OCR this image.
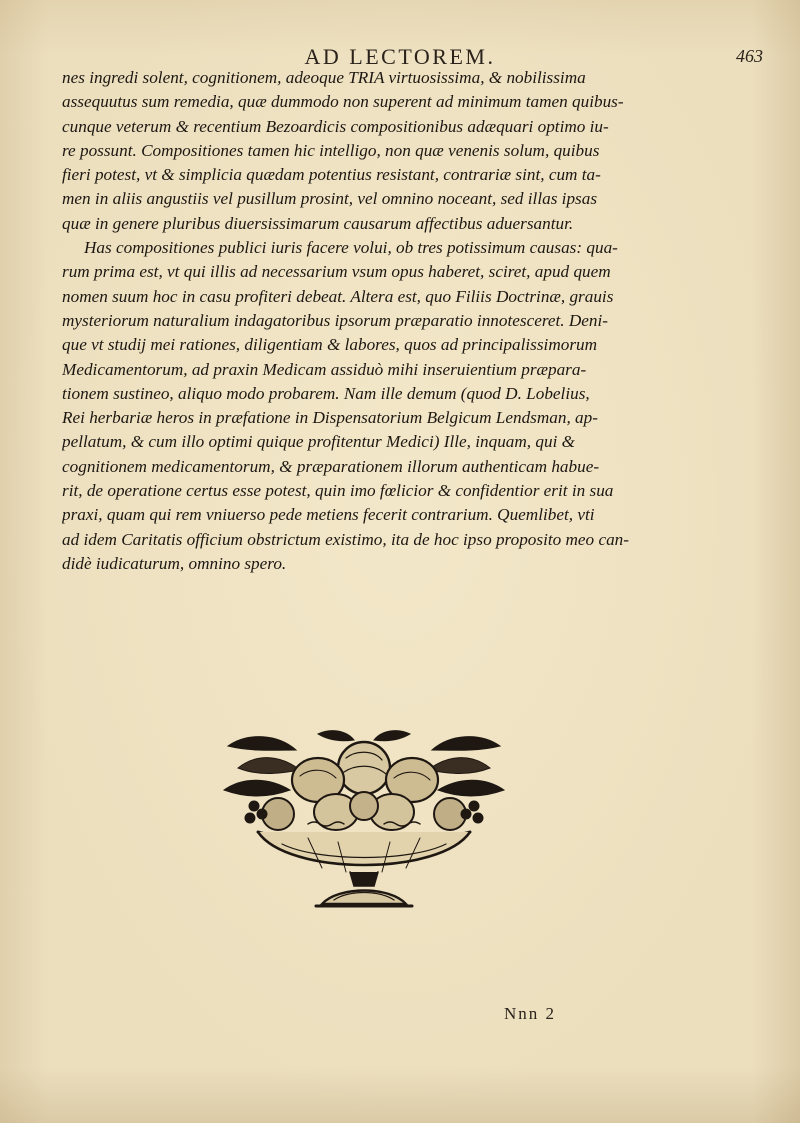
AD LECTOREM.	463
nes ingredi solent, cognitionem, adeoque TRIA virtuosissima, & nobilissima
assequutus sum remedia, quæ dummodo non superent ad minimum tamen quibus-
cunque veterum & recentium Bezoardicis compositionibus adæquari optimo iu-
re possunt. Compositiones tamen hic intelligo, non quæ venenis solum, quibus
fieri potest, vt & simplicia quædam potentius resistant, contrariæ sint, cum ta-
men in aliis angustiis vel pusillum prosint, vel omnino noceant, sed illas ipsas
quæ in genere pluribus diuersissimarum causarum affectibus aduersantur.
Has compositiones publici iuris facere volui, ob tres potissimum causas: qua-
rum prima est, vt qui illis ad necessarium vsum opus haberet, sciret, apud quem
nomen suum hoc in casu profiteri debeat. Altera est, quo Filiis Doctrinæ, grauis
mysteriorum naturalium indagatoribus ipsorum præparatio innotesceret. Deni-
que vt studij mei rationes, diligentiam & labores, quos ad principalissimorum
Medicamentorum, ad praxin Medicam assiduò mihi inseruientium præpara-
tionem sustineo, aliquo modo probarem. Nam ille demum (quod D. Lobelius,
Rei herbariæ heros in præfatione in Dispensatorium Belgicum Lendsman, ap-
pellatum, & cum illo optimi quique profitentur Medici) Ille, inquam, qui &
cognitionem medicamentorum, & præparationem illorum authenticam habue-
rit, de operatione certus esse potest, quin imo fœlicior & confidentior erit in sua
praxi, quam qui rem vniuerso pede metiens fecerit contrarium. Quemlibet, vti
ad idem Caritatis officium obstrictum existimo, ita de hoc ipso proposito meo can-
didè iudicaturum, omnino spero.
Nnn 2
